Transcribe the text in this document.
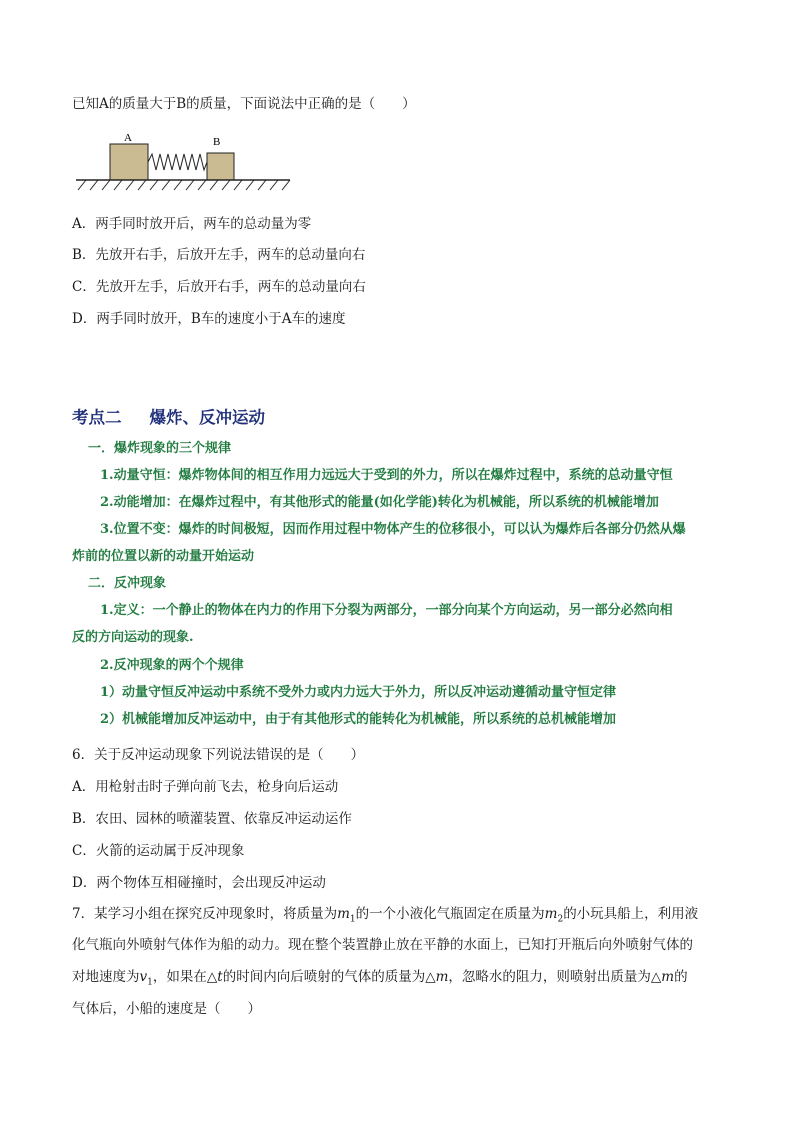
已知A的质量大于B的质量，下面说法中正确的是（　　）
A	B
A．两手同时放开后，两车的总动量为零
B．先放开右手，后放开左手，两车的总动量向右
C．先放开左手，后放开右手，两车的总动量向右
D．两手同时放开，B车的速度小于A车的速度
考点二 爆炸、反冲运动
一．爆炸现象的三个规律
1.动量守恒：爆炸物体间的相互作用力远远大于受到的外力，所以在爆炸过程中，系统的总动量守恒
2.动能增加：在爆炸过程中，有其他形式的能量(如化学能)转化为机械能，所以系统的机械能增加
3.位置不变：爆炸的时间极短，因而作用过程中物体产生的位移很小，可以认为爆炸后各部分仍然从爆
炸前的位置以新的动量开始运动
二．反冲现象
1.定义：一个静止的物体在内力的作用下分裂为两部分，一部分向某个方向运动，另一部分必然向相
反的方向运动的现象.
2.反冲现象的两个个规律
1）动量守恒反冲运动中系统不受外力或内力远大于外力，所以反冲运动遵循动量守恒定律
2）机械能增加反冲运动中，由于有其他形式的能转化为机械能，所以系统的总机械能增加
6．关于反冲运动现象下列说法错误的是（　　）
A．用枪射击时子弹向前飞去，枪身向后运动
B．农田、园林的喷灌装置、依靠反冲运动运作
C．火箭的运动属于反冲现象
D．两个物体互相碰撞时，会出现反冲运动
7．某学习小组在探究反冲现象时，将质量为$m_1$的一个小液化气瓶固定在质量为$m_2$的小玩具船上，利用液
化气瓶向外喷射气体作为船的动力。现在整个装置静止放在平静的水面上，已知打开瓶后向外喷射气体的
对地速度为$v_1$，如果在△t的时间内向后喷射的气体的质量为△m，忽略水的阻力，则喷射出质量为△m的
气体后，小船的速度是（　　）
